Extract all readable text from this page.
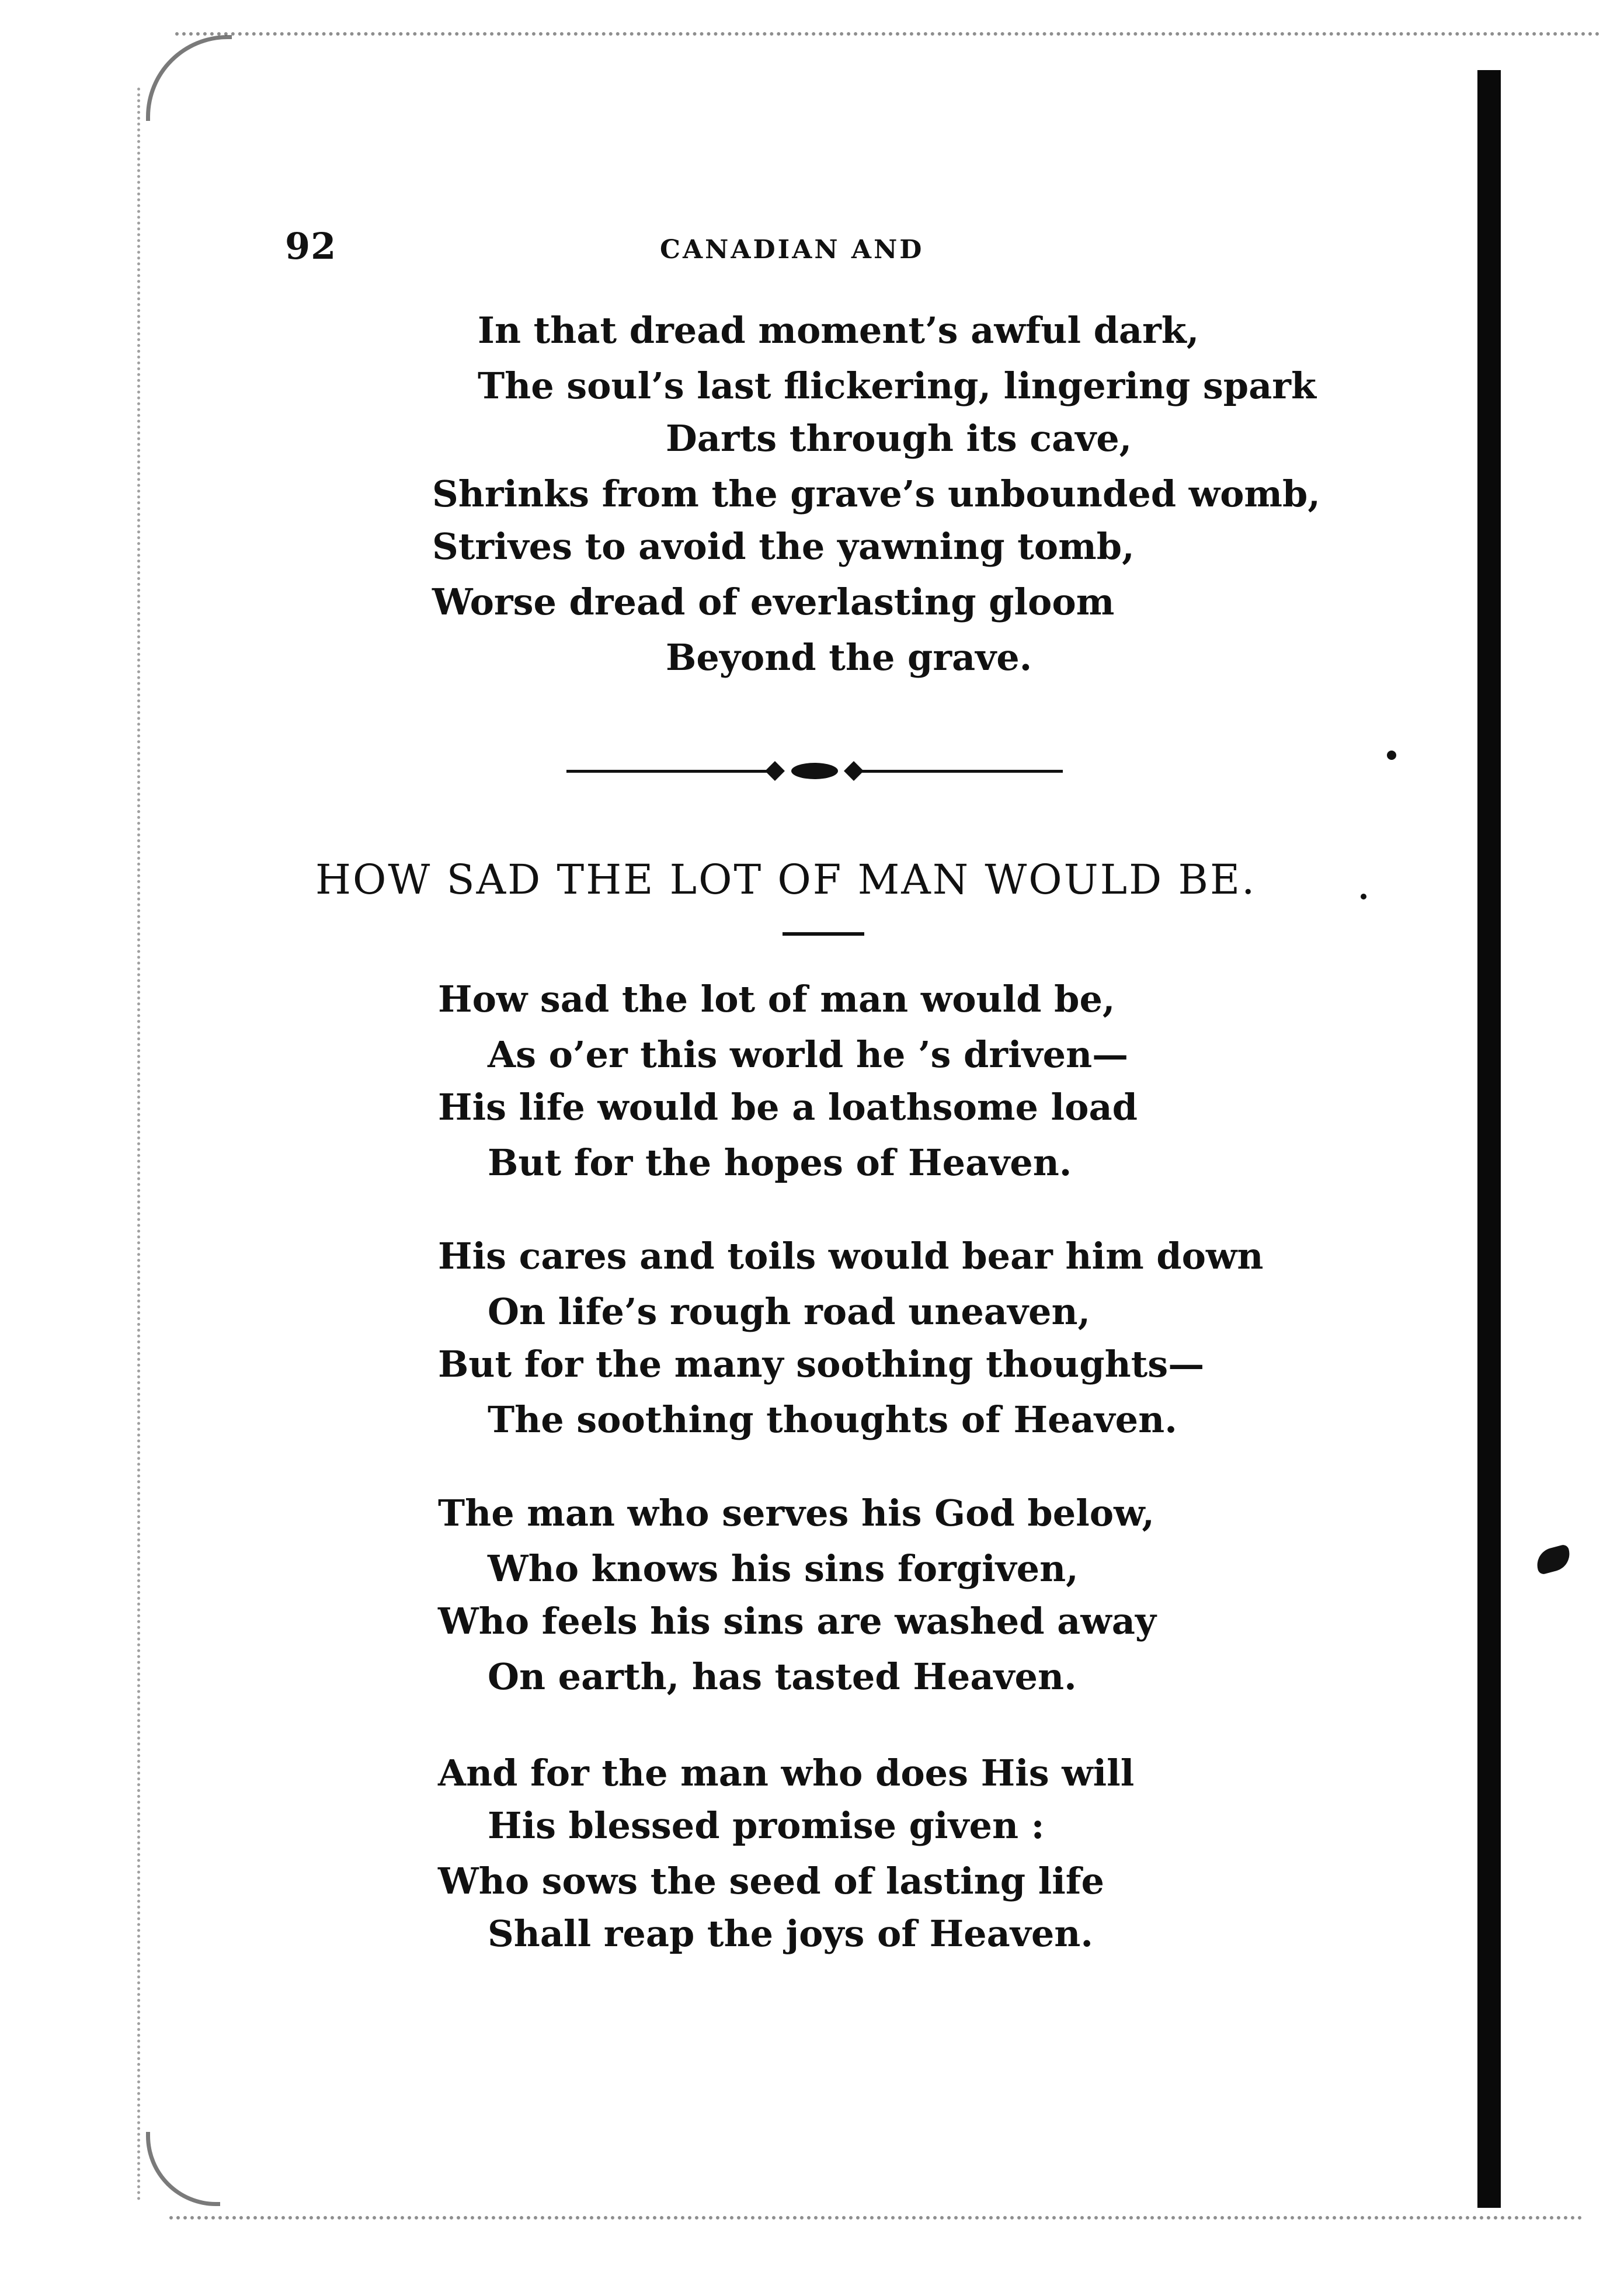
92	CANADIAN AND
In that dread moment’s awful dark,
The soul’s last flickering, lingering spark
Darts through its cave,
Shrinks from the grave’s unbounded womb,
Strives to avoid the yawning tomb,
Worse dread of everlasting gloom
Beyond the grave.
HOW SAD THE LOT OF MAN WOULD BE.
How sad the lot of man would be,
As o’er this world he ’s driven—
His life would be a loathsome load
But for the hopes of Heaven.
His cares and toils would bear him down
On life’s rough road uneaven,
But for the many soothing thoughts—
The soothing thoughts of Heaven.
The man who serves his God below,
Who knows his sins forgiven,
Who feels his sins are washed away
On earth, has tasted Heaven.
And for the man who does His will
His blessed promise given :
Who sows the seed of lasting life
Shall reap the joys of Heaven.
